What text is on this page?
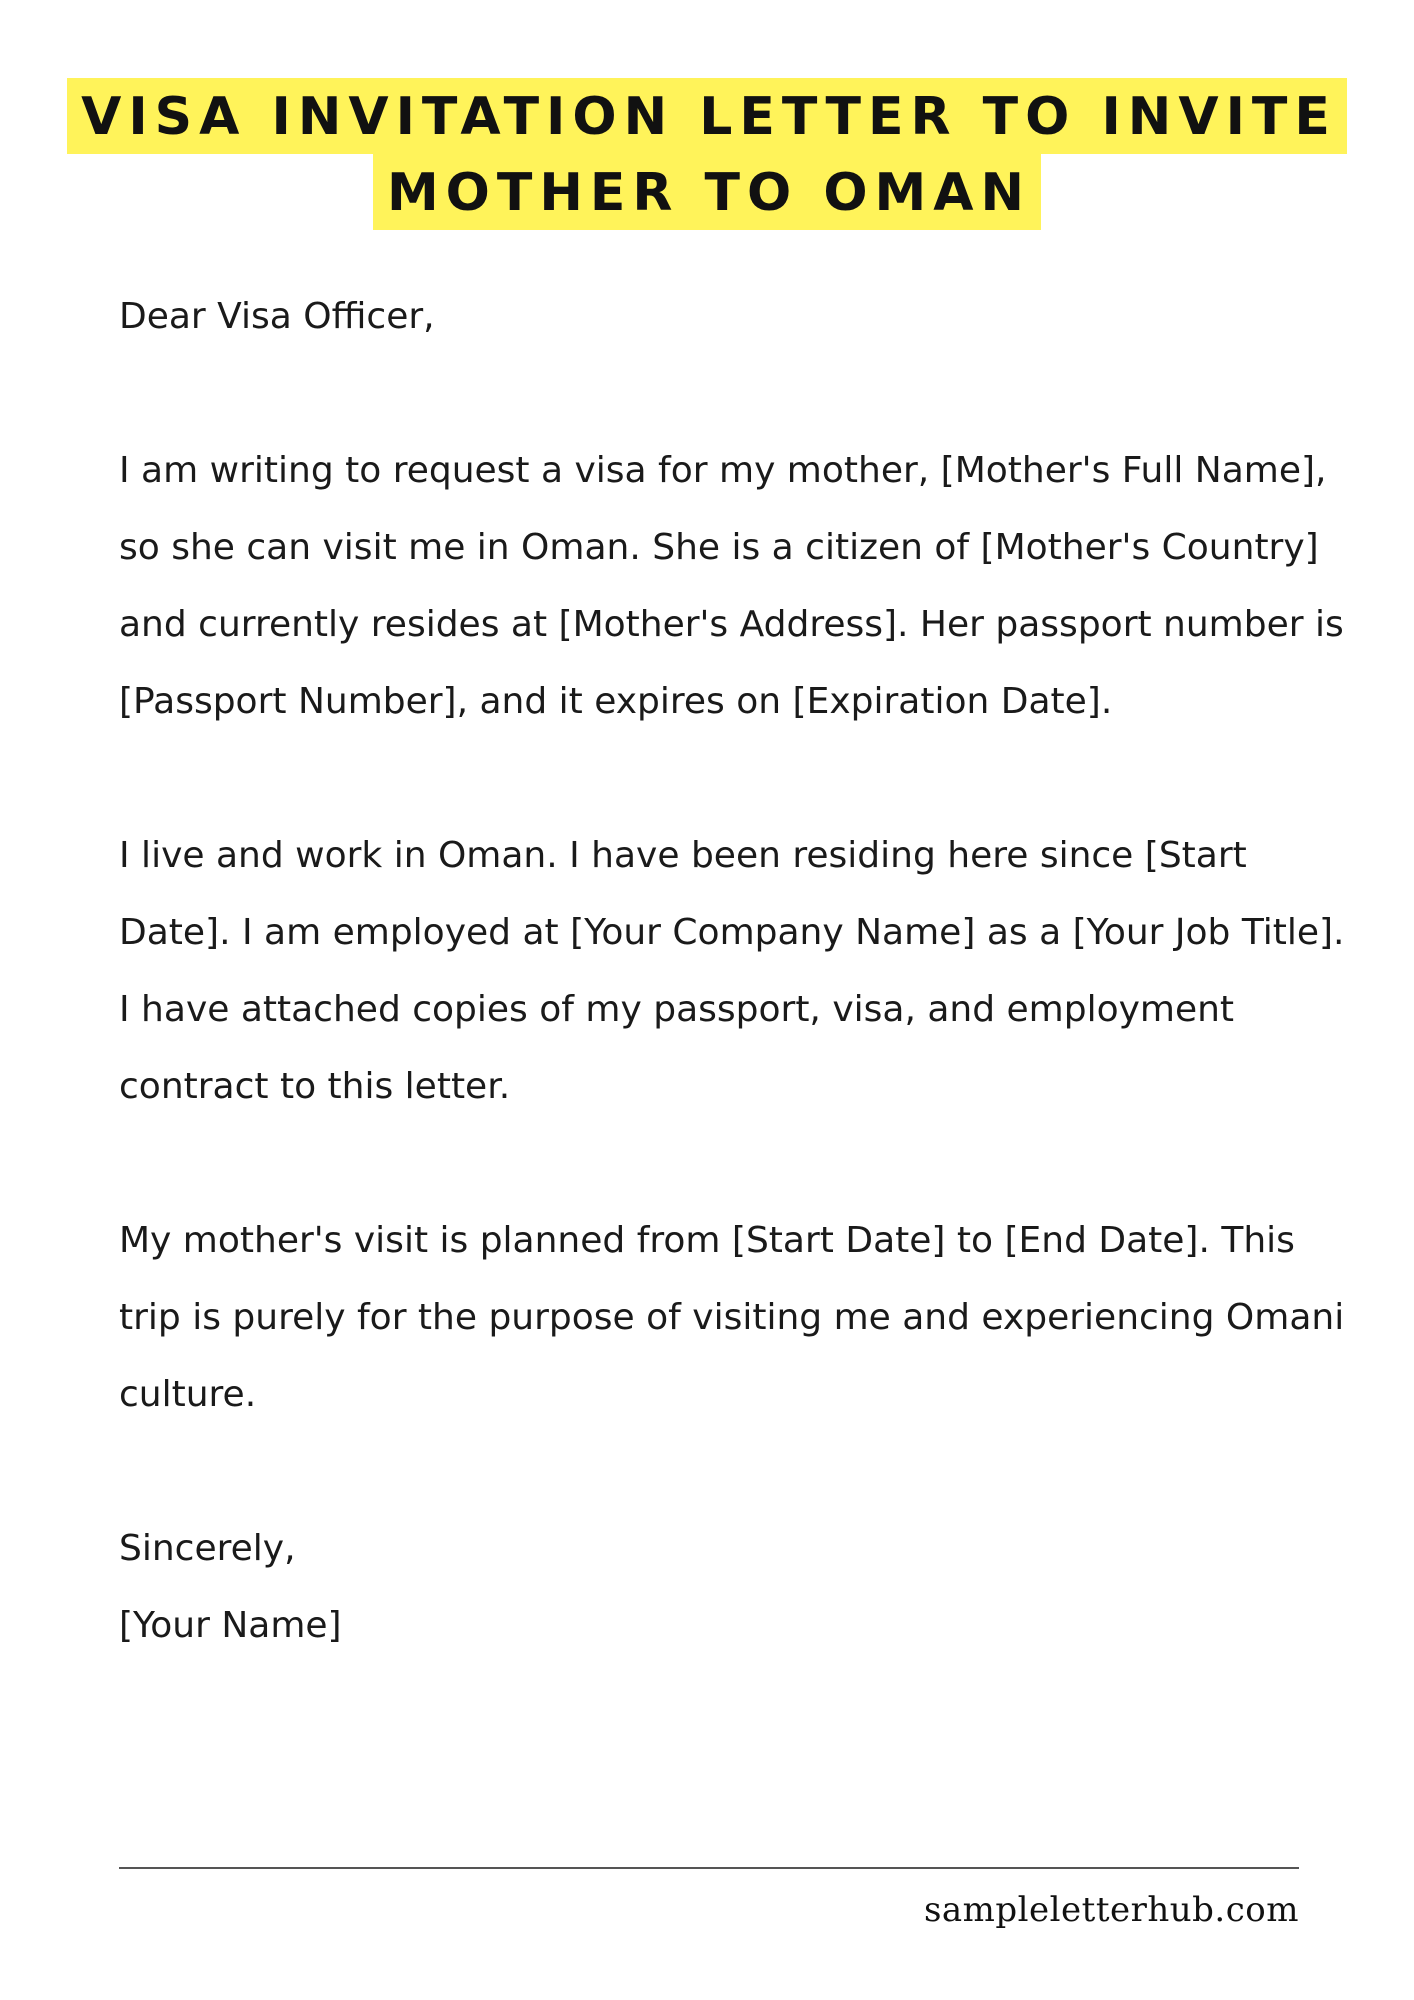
VISA INVITATION LETTER TO INVITE
MOTHER TO OMAN

Dear Visa Officer,

I am writing to request a visa for my mother, [Mother's Full Name], so she can visit me in Oman. She is a citizen of [Mother's Country] and currently resides at [Mother's Address]. Her passport number is [Passport Number], and it expires on [Expiration Date].

I live and work in Oman. I have been residing here since [Start Date]. I am employed at [Your Company Name] as a [Your Job Title]. I have attached copies of my passport, visa, and employment contract to this letter.

My mother's visit is planned from [Start Date] to [End Date]. This trip is purely for the purpose of visiting me and experiencing Omani culture.

Sincerely,
[Your Name]
sampleletterhub.com
